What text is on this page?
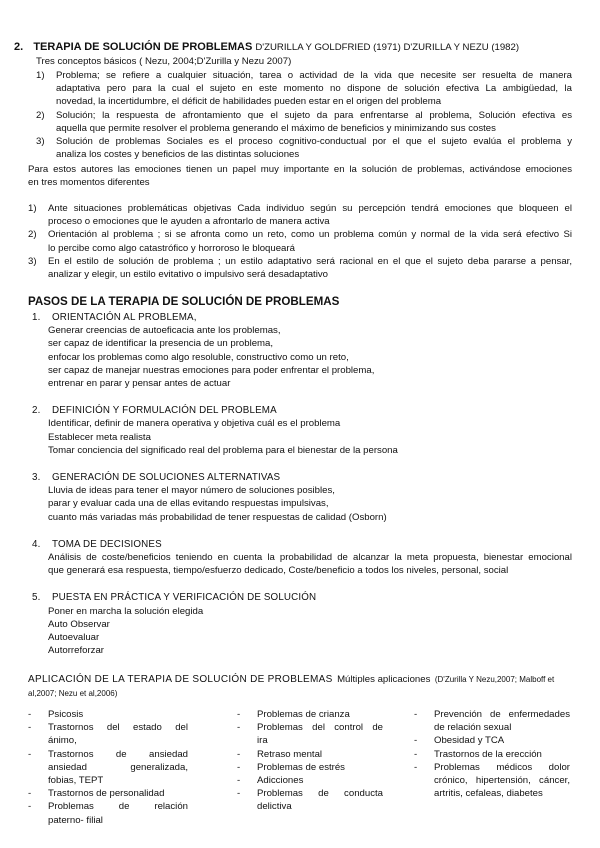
2. TERAPIA DE SOLUCIÓN DE PROBLEMAS D'ZURILLA Y GOLDFRIED (1971) D'ZURILLA Y NEZU (1982)
Tres conceptos básicos ( Nezu, 2004;D'Zurilla y Nezu 2007)
1)	Problema; se refiere a cualquier situación, tarea o actividad de la vida que necesite ser resuelta de manera
adaptativa pero para la cual el sujeto en este momento no dispone de solución efectiva La ambigüedad, la
novedad, la incertidumbre, el déficit de habilidades pueden estar en el origen del problema
2)	Solución; la respuesta de afrontamiento que el sujeto da para enfrentarse al problema, Solución efectiva es
aquella que permite resolver el problema generando el máximo de beneficios y minimizando sus costes
3)	Solución de problemas Sociales es el proceso cognitivo-conductual por el que el sujeto evalúa el problema y
analiza los costes y beneficios de las distintas soluciones
Para estos autores las emociones tienen un papel muy importante en la solución de problemas, activándose emociones
en tres momentos diferentes
1)	Ante situaciones problemáticas objetivas Cada individuo según su percepción tendrá emociones que bloqueen el
proceso o emociones que le ayuden a afrontarlo de manera activa
2)	Orientación al problema ; si se afronta como un reto, como un problema común y normal de la vida será efectivo Si
lo percibe como algo catastrófico y horroroso le bloqueará
3)	En el estilo de solución de problema ; un estilo adaptativo será racional en el que el sujeto deba pararse a pensar,
analizar y elegir, un estilo evitativo o impulsivo será desadaptativo
PASOS DE LA TERAPIA DE SOLUCIÓN DE PROBLEMAS
1.	ORIENTACIÓN AL PROBLEMA,
Generar creencias de autoeficacia ante los problemas,
ser capaz de identificar la presencia de un problema,
enfocar los problemas como algo resoluble, constructivo como un reto,
ser capaz de manejar nuestras emociones para poder enfrentar el problema,
entrenar en parar y pensar antes de actuar
2.	DEFINICIÓN Y FORMULACIÓN DEL PROBLEMA
Identificar, definir de manera operativa y objetiva cuál es el problema
Establecer meta realista
Tomar conciencia del significado real del problema para el bienestar de la persona
3.	GENERACIÓN DE SOLUCIONES ALTERNATIVAS
Lluvia de ideas para tener el mayor número de soluciones posibles,
parar y evaluar cada una de ellas evitando respuestas impulsivas,
cuanto más variadas más probabilidad de tener respuestas de calidad (Osborn)
4.	TOMA DE DECISIONES
Análisis de coste/beneficios teniendo en cuenta la probabilidad de alcanzar la meta propuesta, bienestar emocional
que generará esa respuesta, tiempo/esfuerzo dedicado, Coste/beneficio a todos los niveles, personal, social
5.	PUESTA EN PRÁCTICA Y VERIFICACIÓN DE SOLUCIÓN
Poner en marcha la solución elegida
Auto Observar
Autoevaluar
Autorreforzar
APLICACIÓN DE LA TERAPIA DE SOLUCIÓN DE PROBLEMAS Múltiples aplicaciones (D'Zurilla Y Nezu,2007; Malboff et
al,2007; Nezu et al,2006)
-	Psicosis
-	Trastornos del estado del
ánimo,
-	Trastornos de ansiedad
ansiedad generalizada,
fobias, TEPT
-	Trastornos de personalidad
-	Problemas de relación
paterno- filial
-	Problemas de crianza
-	Problemas del control de
ira
-	Retraso mental
-	Problemas de estrés
-	Adicciones
-	Problemas de conducta
delictiva
-	Prevención de enfermedades
de relación sexual
-	Obesidad y TCA
-	Trastornos de la erección
-	Problemas médicos dolor
crónico, hipertensión, cáncer,
artritis, cefaleas, diabetes
